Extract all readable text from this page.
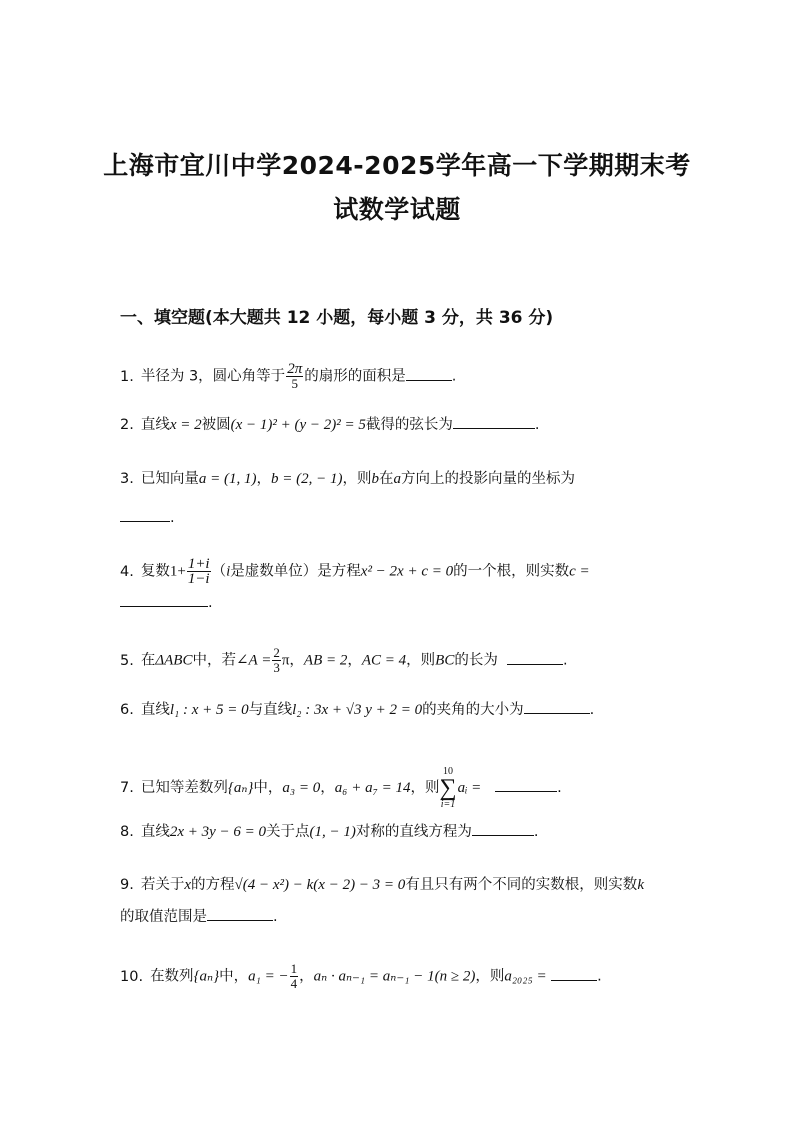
上海市宜川中学2024-2025学年高一下学期期末考
试数学试题
一、填空题(本大题共 12 小题，每小题 3 分，共 36 分)
1. 半径为 3，圆心角等于 $\frac{2\pi}{5}$ 的扇形的面积是	.
2. 直线x = 2被圆(x − 1)² + (y − 2)² = 5截得的弦长为	.
3. 已知向量a = (1, 1)，b = (2, − 1)，则b在a方向上的投影向量的坐标为
.
4. 复数$1+ \frac{1+i}{1-i} (i$是虚数单位）是方程x² − 2x + c = 0的一个根，则实数c =
.
5. 在ΔABC中，若∠A = $\frac{2}{3}$ π，AB = 2，AC = 4，则BC的长为	.
6. 直线l₁ : x + 5 = 0与直线l₂ : 3x + √3 y + 2 = 0的夹角的大小为	.
7. 已知等差数列{aₙ}中，a₃ = 0，a₆ + a₇ = 14，则
10
∑
i=1
aᵢ =	.
8. 直线2x + 3y − 6 = 0关于点(1, − 1)对称的直线方程为	.
9. 若关于x的方程√(4 − x²) − k(x − 2) − 3 = 0有且只有两个不同的实数根，则实数k
的取值范围是	.
10. 在数列{aₙ}中，a₁ = − $\frac{1}{4}$ ，aₙ · aₙ₋₁ = aₙ₋₁ − 1(n ≥ 2)，则a₂₀₂₅ =	.
